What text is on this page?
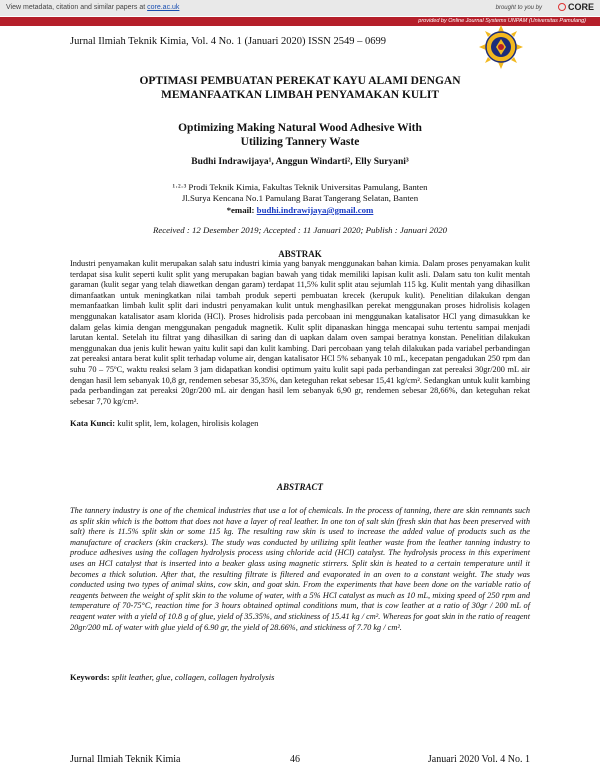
View metadata, citation and similar papers at core.ac.uk	brought to you by	CORE
provided by Online Journal Systems UNPAM (Universitas Pamulang)
Jurnal Ilmiah Teknik Kimia, Vol. 4 No. 1 (Januari 2020) ISSN 2549 – 0699
OPTIMASI PEMBUATAN PEREKAT KAYU ALAMI DENGAN
MEMANFAATKAN LIMBAH PENYAMAKAN KULIT
Optimizing Making Natural Wood Adhesive With
Utilizing Tannery Waste
Budhi Indrawijaya¹, Anggun Windarti², Elly Suryani³
¹·²·³ Prodi Teknik Kimia, Fakultas Teknik Universitas Pamulang, Banten
Jl.Surya Kencana No.1 Pamulang Barat Tangerang Selatan, Banten
*email: budhi.indrawijaya@gmail.com
Received : 12 Desember 2019; Accepted : 11 Januari 2020; Publish : Januari 2020
ABSTRAK
Industri penyamakan kulit merupakan salah satu industri kimia yang banyak menggunakan bahan kimia. Dalam proses penyamakan kulit terdapat sisa kulit seperti kulit split yang merupakan bagian bawah yang tidak memiliki lapisan kulit asli. Dalam satu ton kulit mentah garaman (kulit segar yang telah diawetkan dengan garam) terdapat 11,5% kulit split atau sejumlah 115 kg. Kulit mentah yang dihasilkan dimanfaatkan untuk meningkatkan nilai tambah produk seperti pembuatan krecek (kerupuk kulit). Penelitian dilakukan dengan memanfaatkan limbah kulit split dari industri penyamakan kulit untuk menghasilkan perekat menggunakan proses hidrolisis kolagen menggunakan katalisator asam klorida (HCl). Proses hidrolisis pada percobaan ini menggunakan katalisator HCl yang dimasukkan ke dalam gelas kimia dengan menggunakan pengaduk magnetik. Kulit split dipanaskan hingga mencapai suhu tertentu sampai menjadi larutan kental. Setelah itu filtrat yang dihasilkan di saring dan di uapkan dalam oven sampai beratnya konstan. Penelitian dilakukan menggunakan dua jenis kulit hewan yaitu kulit sapi dan kulit kambing. Dari percobaan yang telah dilakukan pada variabel perbandingan zat pereaksi antara berat kulit split terhadap volume air, dengan katalisator HCl 5% sebanyak 10 mL, kecepatan pengadukan 250 rpm dan suhu 70 – 75ºC, waktu reaksi selam 3 jam didapatkan kondisi optimum yaitu kulit sapi pada perbandingan zat pereaksi 30gr/200 mL air dengan hasil lem sebanyak 10,8 gr, rendemen sebesar 35,35%, dan keteguhan rekat sebesar 15,41 kg/cm². Sedangkan untuk kulit kambing pada perbandingan zat pereaksi 20gr/200 mL air dengan hasil lem sebanyak 6,90 gr, rendemen sebesar 28,66%, dan keteguhan rekat sebesar 7,70 kg/cm².
Kata Kunci: kulit split, lem, kolagen, hirolisis kolagen
ABSTRACT
The tannery industry is one of the chemical industries that use a lot of chemicals. In the process of tanning, there are skin remnants such as split skin which is the bottom that does not have a layer of real leather. In one ton of salt skin (fresh skin that has been preserved with salt) there is 11.5% split skin or some 115 kg. The resulting raw skin is used to increase the added value of products such as the manufacture of crackers (skin crackers). The study was conducted by utilizing split leather waste from the leather tanning industry to produce adhesives using the collagen hydrolysis process using chloride acid (HCl) catalyst. The hydrolysis process in this experiment uses an HCl catalyst that is inserted into a beaker glass using magnetic stirrers. Split skin is heated to a certain temperature until it becomes a thick solution. After that, the resulting filtrate is filtered and evaporated in an oven to a constant weight. The study was conducted using two types of animal skins, cow skin, and goat skin. From the experiments that have been done on the variable ratio of reagents between the weight of split skin to the volume of water, with a 5% HCl catalyst as much as 10 mL, mixing speed of 250 rpm and temperature of 70-75°C, reaction time for 3 hours obtained optimal conditions mum, that is cow leather at a ratio of 30gr / 200 mL of reagent water with a yield of 10.8 g of glue, yield of 35.35%, and stickiness of 15.41 kg / cm². Whereas for goat skin in the ratio of reagent 20gr/200 mL of water with glue yield of 6.90 gr, the yield of 28.66%, and stickiness of 7.70 kg / cm².
Keywords: split leather, glue, collagen, collagen hydrolysis
Jurnal Ilmiah Teknik Kimia	46	Januari 2020 Vol. 4 No. 1
